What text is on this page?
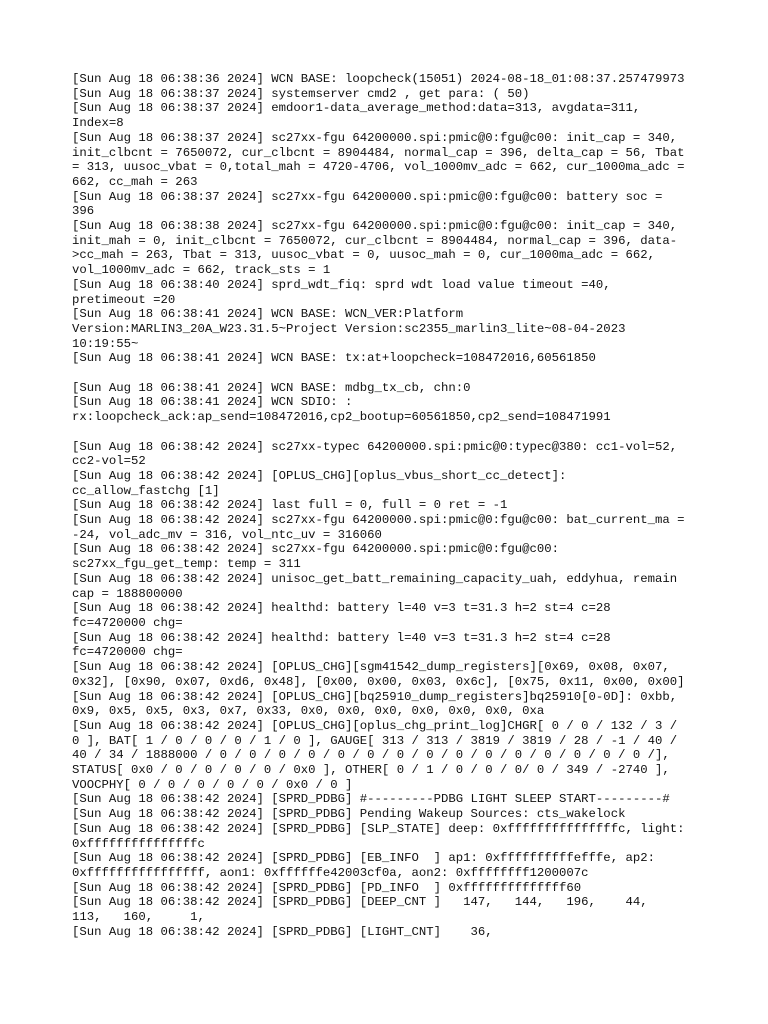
[Sun Aug 18 06:38:36 2024] WCN BASE: loopcheck(15051) 2024-08-18_01:08:37.257479973
[Sun Aug 18 06:38:37 2024] systemserver cmd2 , get para: ( 50)
[Sun Aug 18 06:38:37 2024] emdoor1-data_average_method:data=313, avgdata=311,
Index=8
[Sun Aug 18 06:38:37 2024] sc27xx-fgu 64200000.spi:pmic@0:fgu@c00: init_cap = 340,
init_clbcnt = 7650072, cur_clbcnt = 8904484, normal_cap = 396, delta_cap = 56, Tbat
= 313, uusoc_vbat = 0,total_mah = 4720-4706, vol_1000mv_adc = 662, cur_1000ma_adc =
662, cc_mah = 263
[Sun Aug 18 06:38:37 2024] sc27xx-fgu 64200000.spi:pmic@0:fgu@c00: battery soc =
396
[Sun Aug 18 06:38:38 2024] sc27xx-fgu 64200000.spi:pmic@0:fgu@c00: init_cap = 340,
init_mah = 0, init_clbcnt = 7650072, cur_clbcnt = 8904484, normal_cap = 396, data-
>cc_mah = 263, Tbat = 313, uusoc_vbat = 0, uusoc_mah = 0, cur_1000ma_adc = 662,
vol_1000mv_adc = 662, track_sts = 1
[Sun Aug 18 06:38:40 2024] sprd_wdt_fiq: sprd wdt load value timeout =40,
pretimeout =20
[Sun Aug 18 06:38:41 2024] WCN BASE: WCN_VER:Platform
Version:MARLIN3_20A_W23.31.5~Project Version:sc2355_marlin3_lite~08-04-2023
10:19:55~
[Sun Aug 18 06:38:41 2024] WCN BASE: tx:at+loopcheck=108472016,60561850
[Sun Aug 18 06:38:41 2024] WCN BASE: mdbg_tx_cb, chn:0
[Sun Aug 18 06:38:41 2024] WCN SDIO: :
rx:loopcheck_ack:ap_send=108472016,cp2_bootup=60561850,cp2_send=108471991
[Sun Aug 18 06:38:42 2024] sc27xx-typec 64200000.spi:pmic@0:typec@380: cc1-vol=52,
cc2-vol=52
[Sun Aug 18 06:38:42 2024] [OPLUS_CHG][oplus_vbus_short_cc_detect]:
cc_allow_fastchg [1]
[Sun Aug 18 06:38:42 2024] last full = 0, full = 0 ret = -1
[Sun Aug 18 06:38:42 2024] sc27xx-fgu 64200000.spi:pmic@0:fgu@c00: bat_current_ma =
-24, vol_adc_mv = 316, vol_ntc_uv = 316060
[Sun Aug 18 06:38:42 2024] sc27xx-fgu 64200000.spi:pmic@0:fgu@c00:
sc27xx_fgu_get_temp: temp = 311
[Sun Aug 18 06:38:42 2024] unisoc_get_batt_remaining_capacity_uah, eddyhua, remain
cap = 188800000
[Sun Aug 18 06:38:42 2024] healthd: battery l=40 v=3 t=31.3 h=2 st=4 c=28
fc=4720000 chg=
[Sun Aug 18 06:38:42 2024] healthd: battery l=40 v=3 t=31.3 h=2 st=4 c=28
fc=4720000 chg=
[Sun Aug 18 06:38:42 2024] [OPLUS_CHG][sgm41542_dump_registers][0x69, 0x08, 0x07,
0x32], [0x90, 0x07, 0xd6, 0x48], [0x00, 0x00, 0x03, 0x6c], [0x75, 0x11, 0x00, 0x00]
[Sun Aug 18 06:38:42 2024] [OPLUS_CHG][bq25910_dump_registers]bq25910[0-0D]: 0xbb,
0x9, 0x5, 0x5, 0x3, 0x7, 0x33, 0x0, 0x0, 0x0, 0x0, 0x0, 0x0, 0xa
[Sun Aug 18 06:38:42 2024] [OPLUS_CHG][oplus_chg_print_log]CHGR[ 0 / 0 / 132 / 3 /
0 ], BAT[ 1 / 0 / 0 / 0 / 1 / 0 ], GAUGE[ 313 / 313 / 3819 / 3819 / 28 / -1 / 40 /
40 / 34 / 1888000 / 0 / 0 / 0 / 0 / 0 / 0 / 0 / 0 / 0 / 0 / 0 / 0 / 0 / 0 / 0 /],
STATUS[ 0x0 / 0 / 0 / 0 / 0 / 0x0 ], OTHER[ 0 / 1 / 0 / 0 / 0/ 0 / 349 / -2740 ],
VOOCPHY[ 0 / 0 / 0 / 0 / 0 / 0x0 / 0 ]
[Sun Aug 18 06:38:42 2024] [SPRD_PDBG] #---------PDBG LIGHT SLEEP START---------#
[Sun Aug 18 06:38:42 2024] [SPRD_PDBG] Pending Wakeup Sources: cts_wakelock
[Sun Aug 18 06:38:42 2024] [SPRD_PDBG] [SLP_STATE] deep: 0xfffffffffffffffc, light:
0xfffffffffffffffc
[Sun Aug 18 06:38:42 2024] [SPRD_PDBG] [EB_INFO  ] ap1: 0xffffffffffefffe, ap2:
0xffffffffffffffff, aon1: 0xffffffe42003cf0a, aon2: 0xffffffff1200007c
[Sun Aug 18 06:38:42 2024] [SPRD_PDBG] [PD_INFO  ] 0xffffffffffffff60
[Sun Aug 18 06:38:42 2024] [SPRD_PDBG] [DEEP_CNT ]   147,   144,   196,    44,
113,   160,     1,
[Sun Aug 18 06:38:42 2024] [SPRD_PDBG] [LIGHT_CNT]    36,
